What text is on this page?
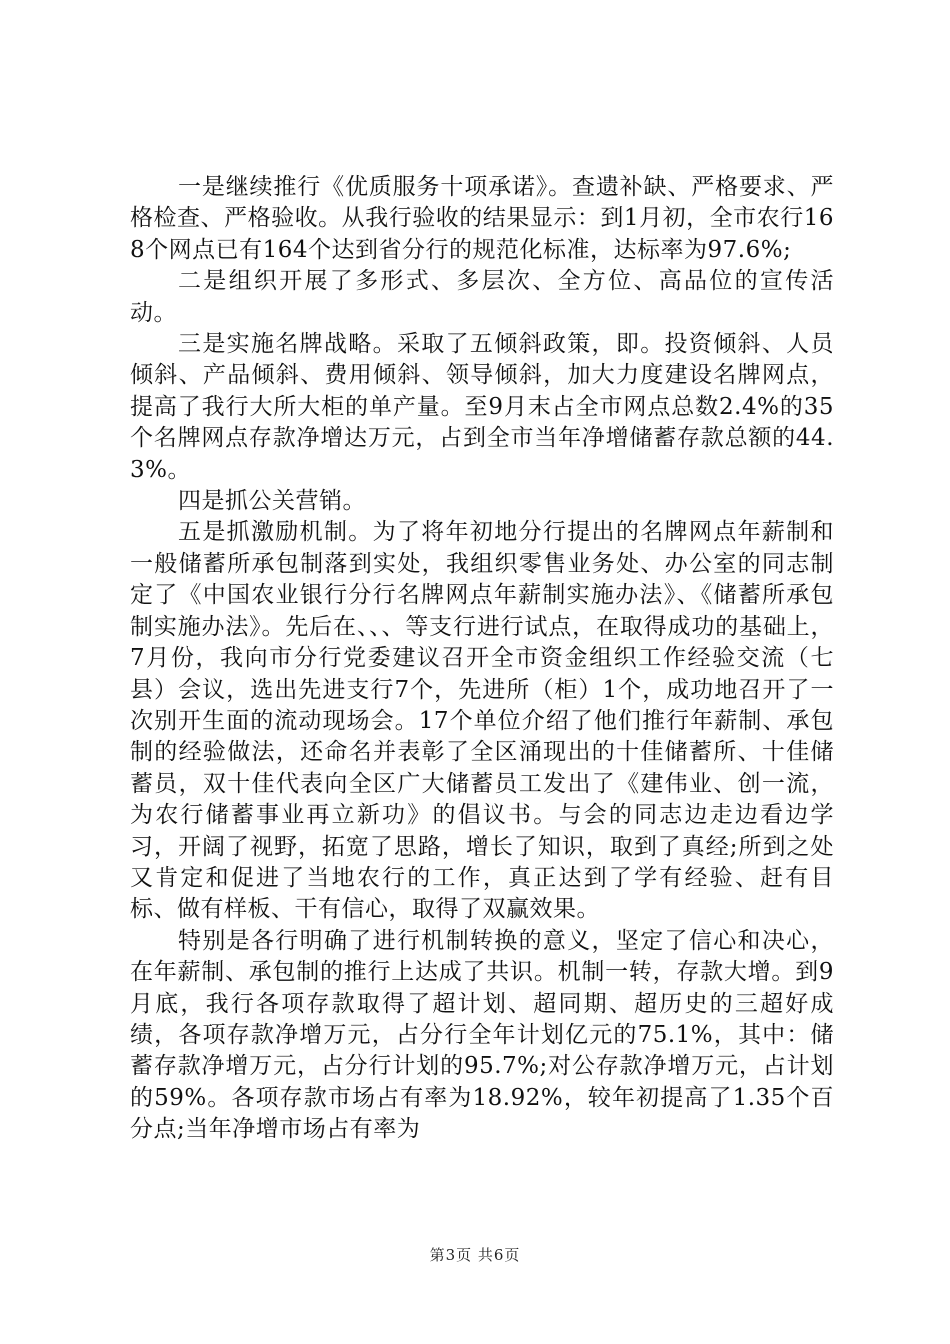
一是继续推行《优质服务十项承诺》。查遗补缺、严格要求、严格检查、严格验收。从我行验收的结果显示：到1月初，全市农行168个网点已有164个达到省分行的规范化标准，达标率为97.6%;

二是组织开展了多形式、多层次、全方位、高品位的宣传活动。

三是实施名牌战略。采取了五倾斜政策，即。投资倾斜、人员倾斜、产品倾斜、费用倾斜、领导倾斜，加大力度建设名牌网点，提高了我行大所大柜的单产量。至9月末占全市网点总数2.4%的35个名牌网点存款净增达万元，占到全市当年净增储蓄存款总额的44.3%。

四是抓公关营销。

五是抓激励机制。为了将年初地分行提出的名牌网点年薪制和一般储蓄所承包制落到实处，我组织零售业务处、办公室的同志制定了《中国农业银行分行名牌网点年薪制实施办法》、《储蓄所承包制实施办法》。先后在、、、等支行进行试点，在取得成功的基础上，7月份，我向市分行党委建议召开全市资金组织工作经验交流（七县）会议，选出先进支行7个，先进所（柜）1个，成功地召开了一次别开生面的流动现场会。17个单位介绍了他们推行年薪制、承包制的经验做法，还命名并表彰了全区涌现出的十佳储蓄所、十佳储蓄员，双十佳代表向全区广大储蓄员工发出了《建伟业、创一流，为农行储蓄事业再立新功》的倡议书。与会的同志边走边看边学习，开阔了视野，拓宽了思路，增长了知识，取到了真经;所到之处又肯定和促进了当地农行的工作，真正达到了学有经验、赶有目标、做有样板、干有信心，取得了双赢效果。

特别是各行明确了进行机制转换的意义，坚定了信心和决心，在年薪制、承包制的推行上达成了共识。机制一转，存款大增。到9月底，我行各项存款取得了超计划、超同期、超历史的三超好成绩，各项存款净增万元，占分行全年计划亿元的75.1%，其中：储蓄存款净增万元，占分行计划的95.7%;对公存款净增万元，占计划的59%。各项存款市场占有率为18.92%，较年初提高了1.35个百分点;当年净增市场占有率为

第3页 共6页
